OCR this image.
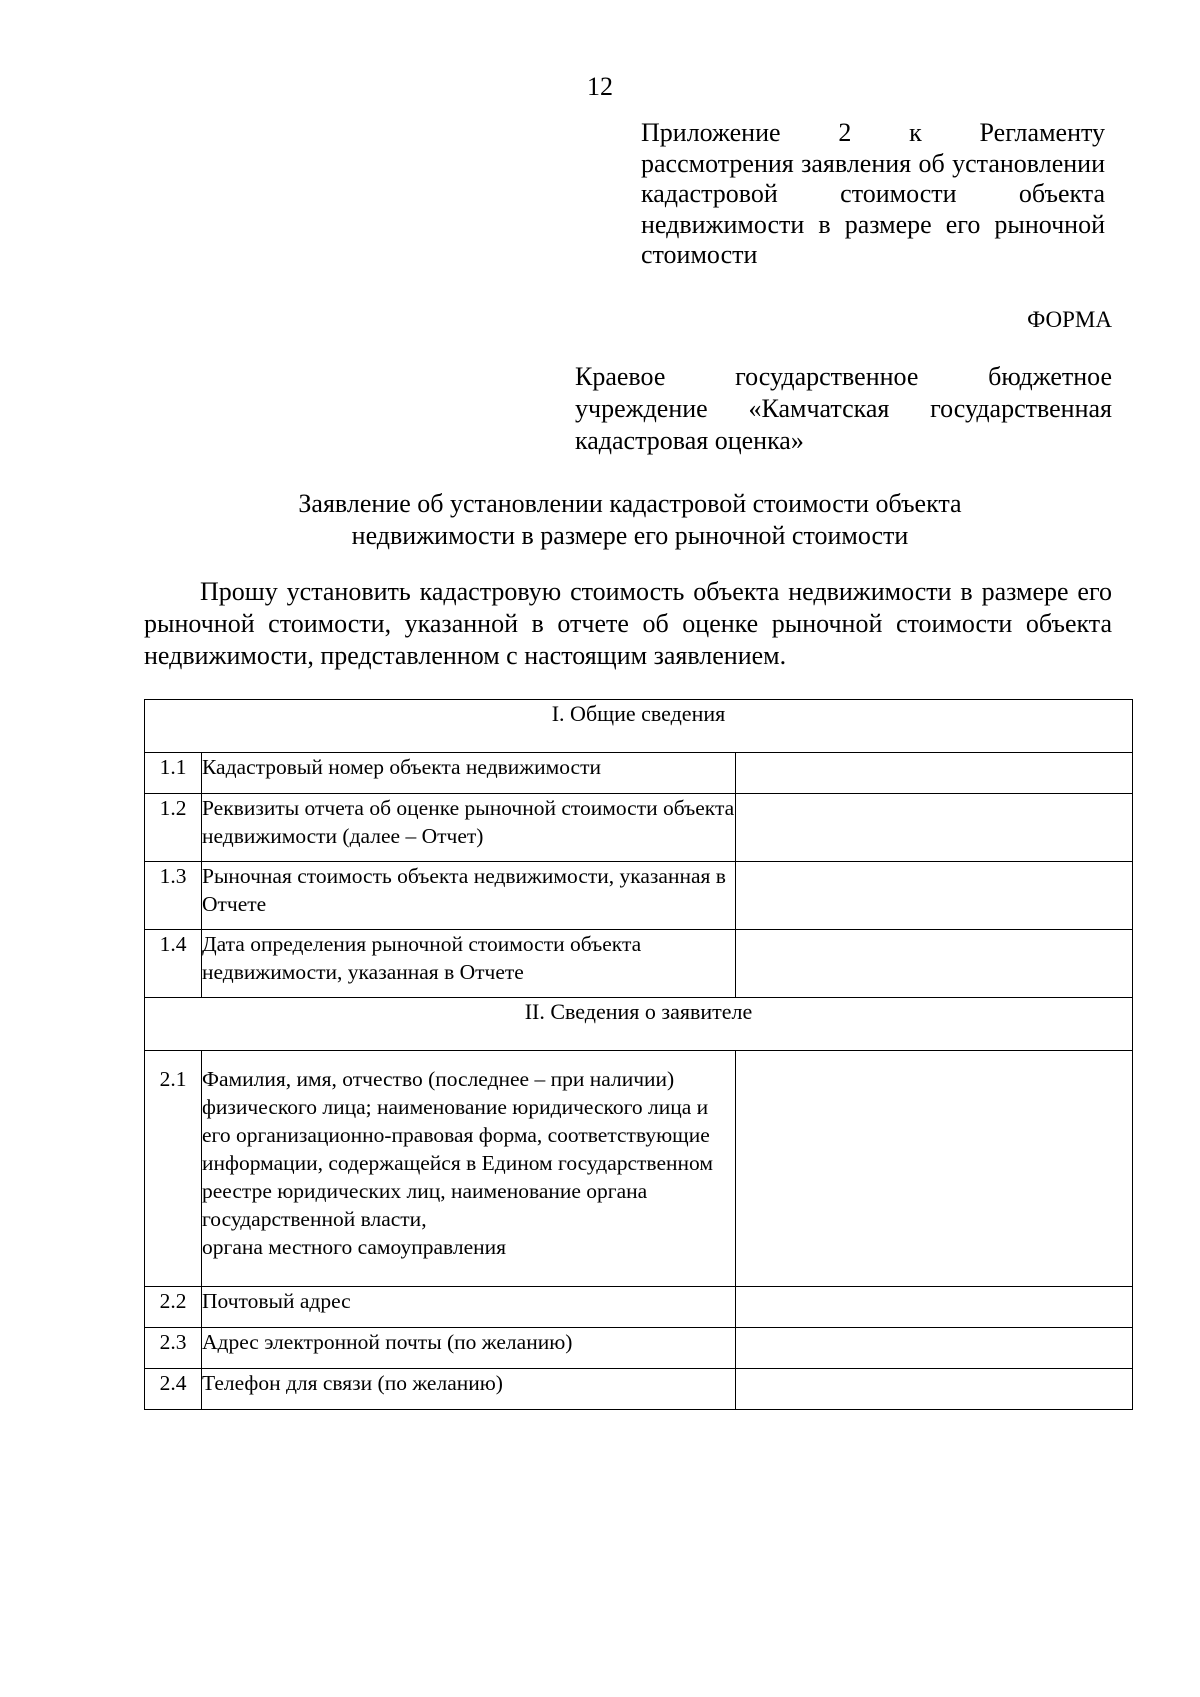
12
Приложение 2 к Регламенту рассмотрения заявления об установлении кадастровой стоимости объекта недвижимости в размере его рыночной стоимости
ФОРМА
Краевое государственное бюджетное учреждение «Камчатская государственная кадастровая оценка»
Заявление об установлении кадастровой стоимости объекта
недвижимости в размере его рыночной стоимости
Прошу установить кадастровую стоимость объекта недвижимости в размере его рыночной стоимости, указанной в отчете об оценке рыночной стоимости объекта недвижимости, представленном с настоящим заявлением.
I. Общие сведения		
1.1	Кадастровый номер объекта недвижимости	
1.2	Реквизиты отчета об оценке рыночной стоимости объекта недвижимости (далее – Отчет)	
1.3	Рыночная стоимость объекта недвижимости, указанная в Отчете	
1.4	Дата определения рыночной стоимости объекта недвижимости, указанная в Отчете	
II. Сведения о заявителе		
2.1	Фамилия, имя, отчество (последнее – при наличии) физического лица; наименование юридического лица и его организационно-правовая форма, соответствующие информации, содержащейся в Едином государственном реестре юридических лиц, наименование органа государственной власти,
органа местного самоуправления	

2.2	Почтовый адрес	
2.3	Адрес электронной почты (по желанию)	
2.4	Телефон для связи (по желанию)	
